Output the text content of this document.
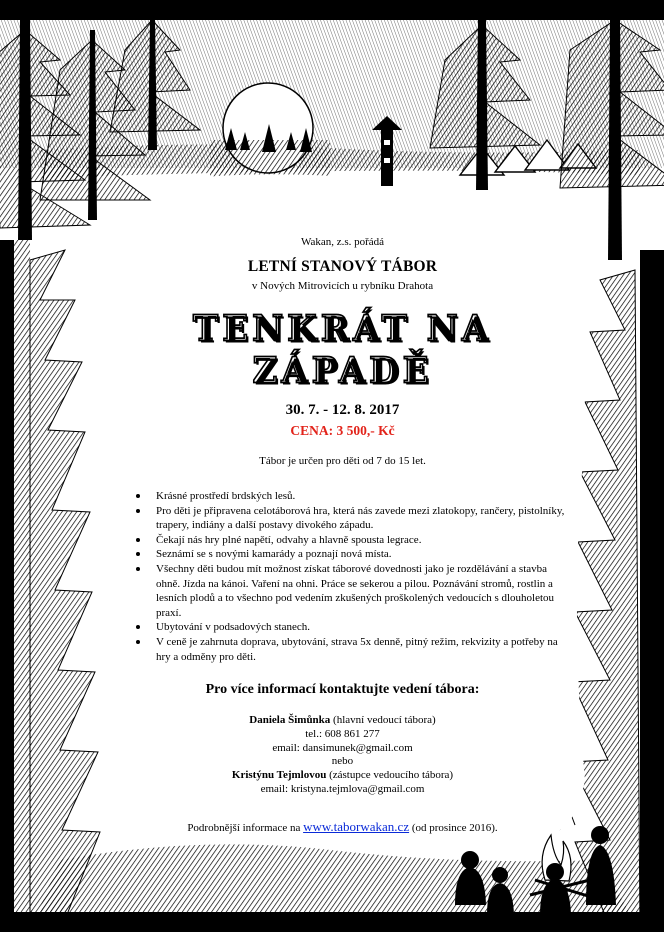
Wakan, z.s. pořádá

LETNÍ STANOVÝ TÁBOR

v Nových Mitrovicích u rybníku Drahota

TENKRÁT NA ZÁPADĚ

30. 7. - 12. 8. 2017

CENA: 3 500,- Kč

Tábor je určen pro děti od 7 do 15 let.

Krásné prostředí brdských lesů.
Pro děti je připravena celotáborová hra, která nás zavede mezi zlatokopy, rančery, pistolníky, trapery, indiány a další postavy divokého západu.
Čekají nás hry plné napětí, odvahy a hlavně spousta legrace.
Seznámí se s novými kamarády a poznají nová místa.
Všechny děti budou mít možnost získat táborové dovednosti jako je rozdělávání a stavba ohně. Jízda na kánoi. Vaření na ohni. Práce se sekerou a pilou. Poznávání stromů, rostlin a lesních plodů a to všechno pod vedením zkušených proškolených vedoucích s dlouholetou praxí.
Ubytování v podsadových stanech.
V ceně je zahrnuta doprava, ubytování, strava 5x denně, pitný režim, rekvizity a potřeby na hry a odměny pro děti.

Pro více informací kontaktujte vedení tábora:

Daniela Šimůnka (hlavní vedoucí tábora)
tel.: 608 861 277
email: dansimunek@gmail.com
nebo
Kristýnu Tejmlovou (zástupce vedoucího tábora)
email: kristyna.tejmlova@gmail.com

Podrobnější informace na www.taborwakan.cz (od prosince 2016).
